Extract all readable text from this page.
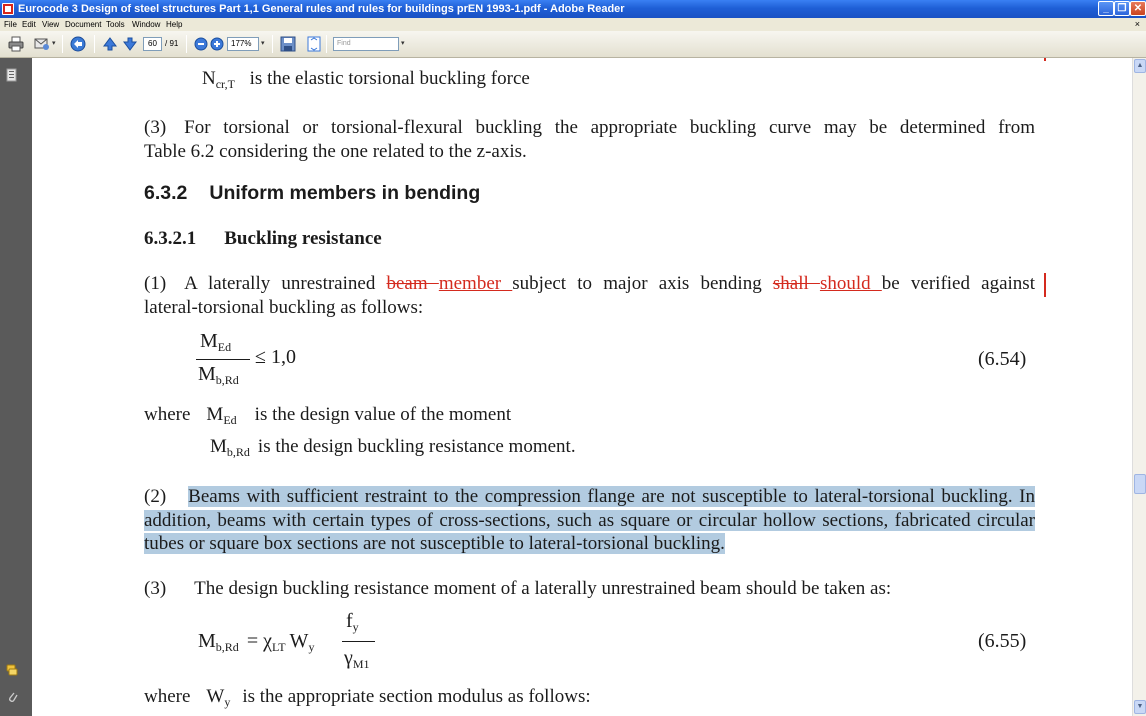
Eurocode 3 Design of steel structures Part 1,1 General rules and rules for buildings prEN 1993-1.pdf - Adobe Reader	_ ❐ ✕
File Edit View Document Tools Window Help	×
▾	60	/ 91	177%	▾	Find	▾
$N_{cr,T}$ is the elastic torsional buckling force
(3) For torsional or torsional-flexural buckling the appropriate buckling curve may be determined from
Table 6.2 considering the one related to the z-axis.
6.3.2 Uniform members in bending
6.3.2.1 Buckling resistance
(1) A laterally unrestrained beam member subject to major axis bending shall should be verified against
lateral-torsional buckling as follows:
$M_{Ed}$
$M_{b,Rd}$
≤ 1,0	(6.54)
where $M_{Ed}$ is the design value of the moment
$M_{b,Rd}$ is the design buckling resistance moment.
(2) Beams with sufficient restraint to the compression flange are not susceptible to lateral-torsional buckling. In addition, beams with certain types of cross-sections, such as square or circular hollow sections, fabricated circular tubes or square box sections are not susceptible to lateral-torsional buckling.
(3) The design buckling resistance moment of a laterally unrestrained beam should be taken as:
$M_{b,Rd} = \chi_{LT}$ $W_y$
$f_y$
$\gamma_{M1}$
(6.55)
where $W_y$ is the appropriate section modulus as follows:
▲
▼
